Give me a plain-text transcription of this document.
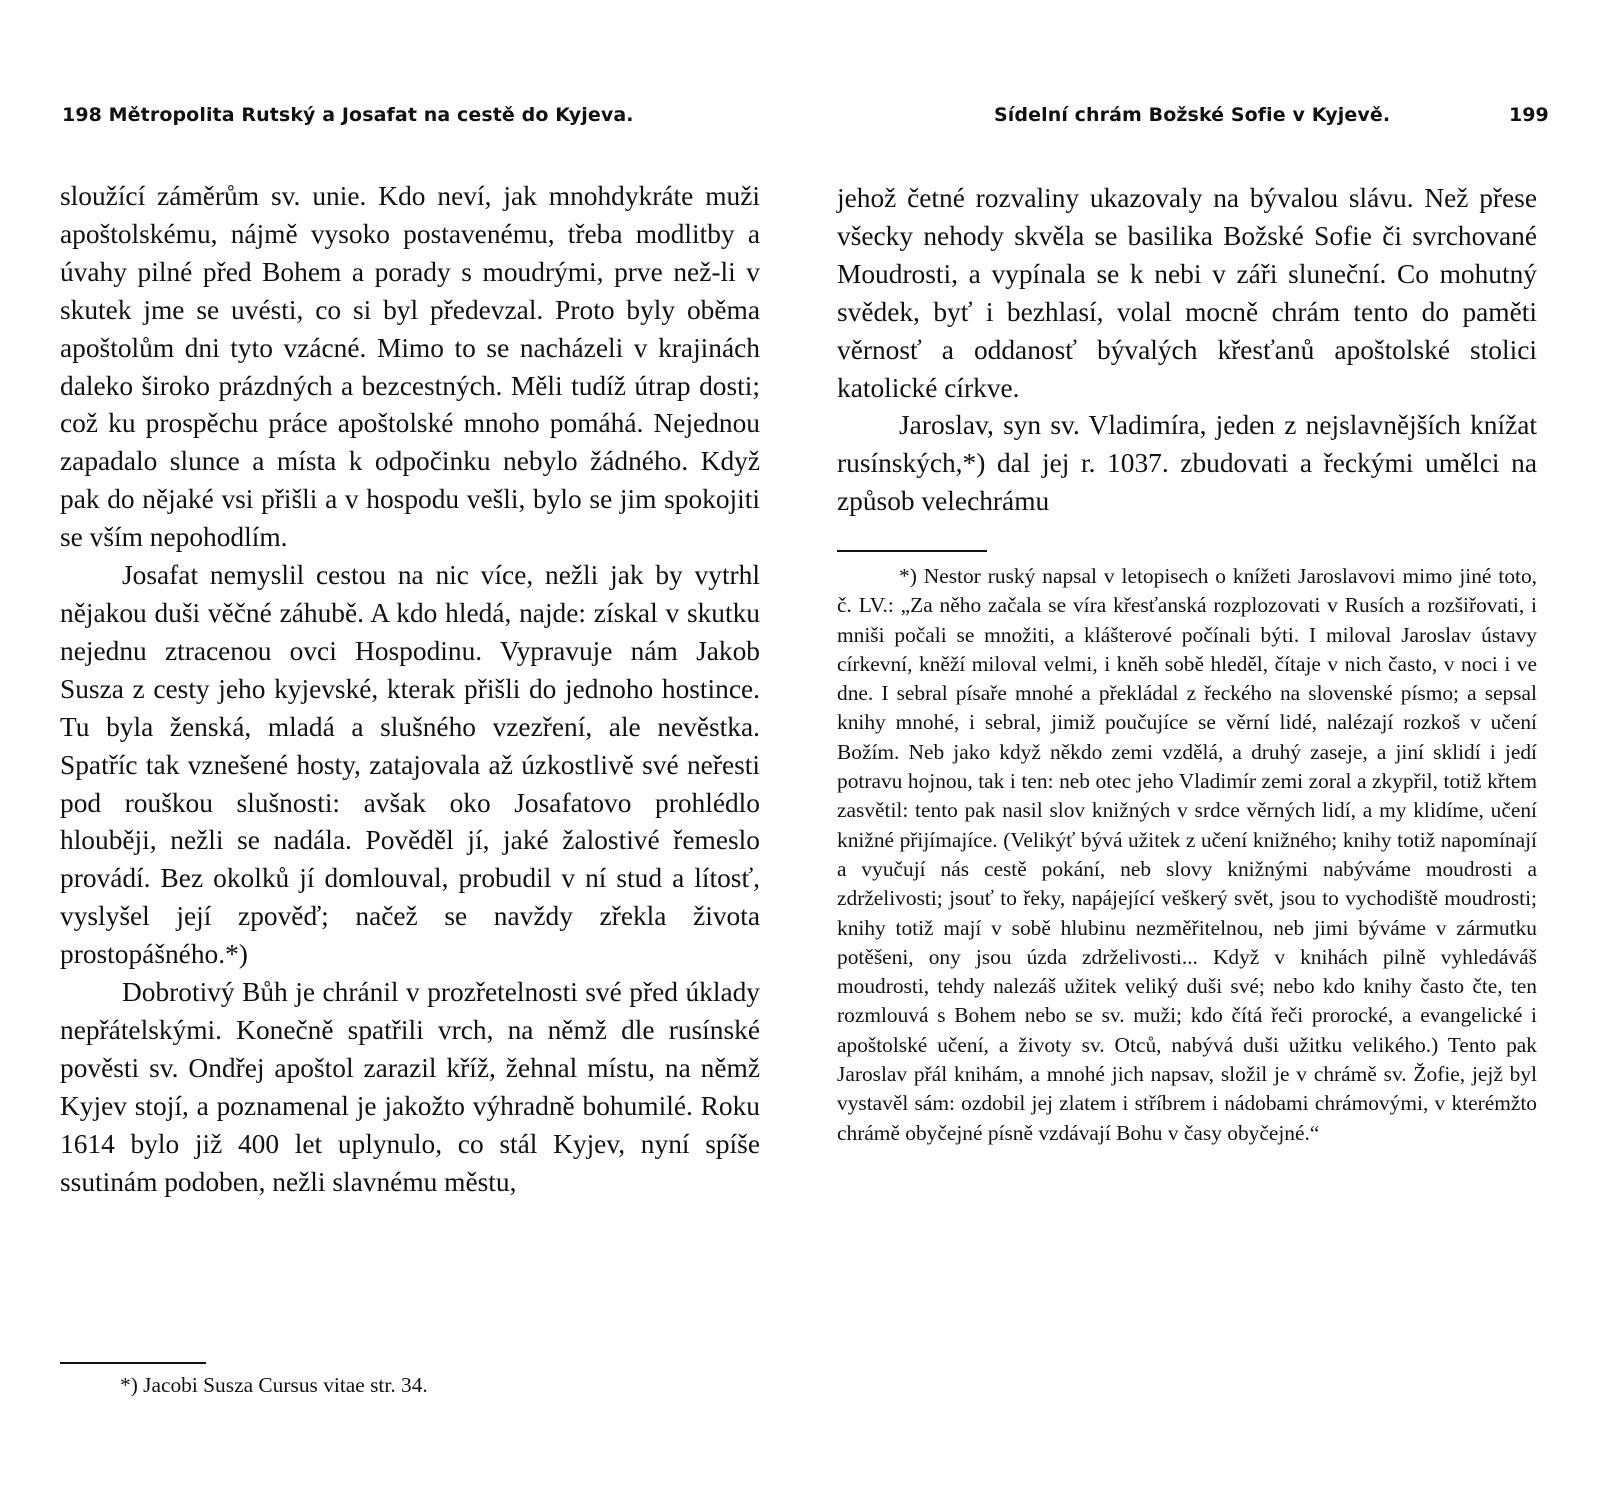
198 Mětropolita Rutský a Josafat na cestě do Kyjeva.

sloužící záměrům sv. unie. Kdo neví, jak mnohdykráte muži apoštolskému, nájmě vysoko postavenému, třeba modlitby a úvahy pilné před Bohem a porady s moudrými, prve než-li v skutek jme se uvésti, co si byl předevzal. Proto byly oběma apoštolům dni tyto vzácné. Mimo to se nacházeli v krajinách daleko široko prázdných a bezcestných. Měli tudíž útrap dosti; což ku prospěchu práce apoštolské mnoho pomáhá. Nejednou zapadalo slunce a místa k odpočinku nebylo žádného. Když pak do nějaké vsi přišli a v hospodu vešli, bylo se jim spokojiti se vším nepohodlím.

Josafat nemyslil cestou na nic více, nežli jak by vytrhl nějakou duši věčné záhubě. A kdo hledá, najde: získal v skutku nejednu ztracenou ovci Hospodinu. Vypravuje nám Jakob Susza z cesty jeho kyjevské, kterak přišli do jednoho hostince. Tu byla ženská, mladá a slušného vzezření, ale nevěstka. Spatříc tak vznešené hosty, zatajovala až úzkostlivě své neřesti pod rouškou slušnosti: avšak oko Josafatovo prohlédlo hlouběji, nežli se nadála. Pověděl jí, jaké žalostivé řemeslo provádí. Bez okolků jí domlouval, probudil v ní stud a lítosť, vyslyšel její zpověď; načež se navždy zřekla života prostopášného.*)

Dobrotivý Bůh je chránil v prozřetelnosti své před úklady nepřátelskými. Konečně spatřili vrch, na němž dle rusínské pověsti sv. Ondřej apoštol zarazil kříž, žehnal místu, na němž Kyjev stojí, a poznamenal je jakožto výhradně bohumilé. Roku 1614 bylo již 400 let uplynulo, co stál Kyjev, nyní spíše ssutinám podoben, nežli slavnému městu,

*) Jacobi Susza Cursus vitae str. 34.

Sídelní chrám Božské Sofie v Kyjevě.	199

jehož četné rozvaliny ukazovaly na bývalou slávu. Než přese všecky nehody skvěla se basilika Božské Sofie či svrchované Moudrosti, a vypínala se k nebi v záři sluneční. Co mohutný svědek, byť i bezhlasí, volal mocně chrám tento do paměti věrnosť a oddanosť bývalých křesťanů apoštolské stolici katolické církve.

Jaroslav, syn sv. Vladimíra, jeden z nejslavnějších knížat rusínských,*) dal jej r. 1037. zbudovati a řeckými umělci na způsob velechrámu

*) Nestor ruský napsal v letopisech o knížeti Jaroslavovi mimo jiné toto, č. LV.: „Za něho začala se víra křesťanská rozplozovati v Rusích a rozšiřovati, i mniši počali se množiti, a klášterové počínali býti. I miloval Jaroslav ústavy církevní, kněží miloval velmi, i kněh sobě hleděl, čítaje v nich často, v noci i ve dne. I sebral písaře mnohé a překládal z řeckého na slovenské písmo; a sepsal knihy mnohé, i sebral, jimiž poučujíce se věrní lidé, nalézají rozkoš v učení Božím. Neb jako když někdo zemi vzdělá, a druhý zaseje, a jiní sklidí i jedí potravu hojnou, tak i ten: neb otec jeho Vladimír zemi zoral a zkypřil, totiž křtem zasvětil: tento pak nasil slov knižných v srdce věrných lidí, a my klidíme, učení knižné přijímajíce. (Velikýť bývá užitek z učení knižného; knihy totiž napomínají a vyučují nás cestě pokání, neb slovy knižnými nabýváme moudrosti a zdrželivosti; jsouť to řeky, napájející veškerý svět, jsou to vychodiště moudrosti; knihy totiž mají v sobě hlubinu nezměřitelnou, neb jimi býváme v zármutku potěšeni, ony jsou úzda zdrželivosti... Když v knihách pilně vyhledáváš moudrosti, tehdy nalezáš užitek veliký duši své; nebo kdo knihy často čte, ten rozmlouvá s Bohem nebo se sv. muži; kdo čítá řeči prorocké, a evangelické i apoštolské učení, a životy sv. Otců, nabývá duši užitku velikého.) Tento pak Jaroslav přál knihám, a mnohé jich napsav, složil je v chrámě sv. Žofie, jejž byl vystavěl sám: ozdobil jej zlatem i stříbrem i nádobami chrámovými, v kterémžto chrámě obyčejné písně vzdávají Bohu v časy obyčejné.“
